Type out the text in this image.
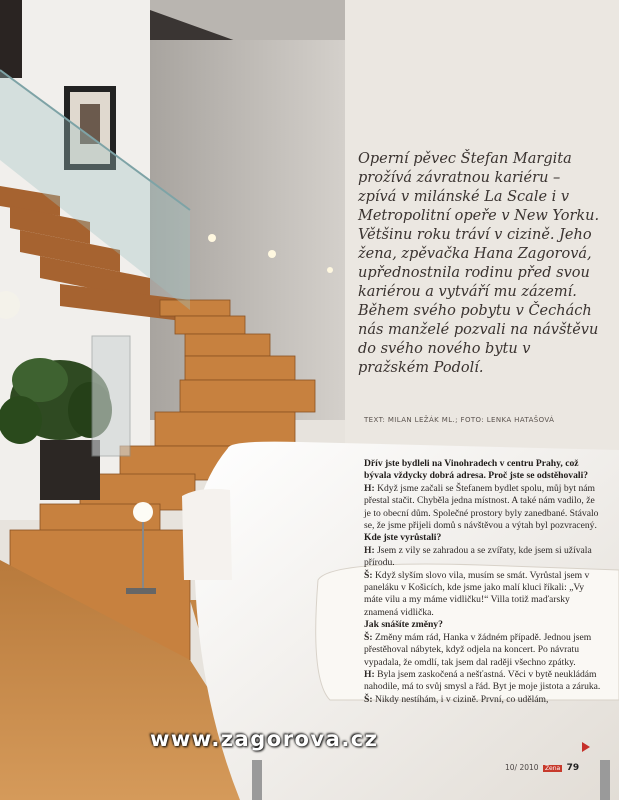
Operní pěvec Štefan Margita prožívá závratnou kariéru – zpívá v milánské La Scale i v Metropolitní opeře v New Yorku. Většinu roku tráví v cizině. Jeho žena, zpěvačka Hana Zagorová, upřednostnila rodinu před svou kariérou a vytváří mu zázemí. Během svého pobytu v Čechách nás manželé pozvali na návštěvu do svého nového bytu v pražském Podolí.

TEXT: MILAN LEŽÁK ML.; FOTO: LENKA HATAŠOVÁ

Dřív jste bydleli na Vinohradech v centru Prahy, což bývala vždycky dobrá adresa. Proč jste se odstěhovali?

H: Když jsme začali se Štefanem bydlet spolu, můj byt nám přestal stačit. Chyběla jedna místnost. A také nám vadilo, že je to obecní dům. Společné prostory byly zanedbané. Stávalo se, že jsme přijeli domů s návštěvou a výtah byl pozvracený.

Kde jste vyrůstali?

H: Jsem z vily se zahradou a se zvířaty, kde jsem si užívala přírodu.

Š: Když slyším slovo vila, musím se smát. Vyrůstal jsem v paneláku v Košicích, kde jsme jako malí kluci říkali: „Vy máte vilu a my máme vidličku!“ Villa totiž maďarsky znamená vidlička.

Jak snášíte změny?

Š: Změny mám rád, Hanka v žádném případě. Jednou jsem přestěhoval nábytek, když odjela na koncert. Po návratu vypadala, že omdlí, tak jsem dal raději všechno zpátky.

H: Byla jsem zaskočená a nešťastná. Věci v bytě neukládám nahodile, má to svůj smysl a řád. Byt je moje jistota a záruka.

Š: Nikdy nestíhám, i v cizině. První, co udělám,

www.zagorova.cz
10/ 2010 Žena 79
